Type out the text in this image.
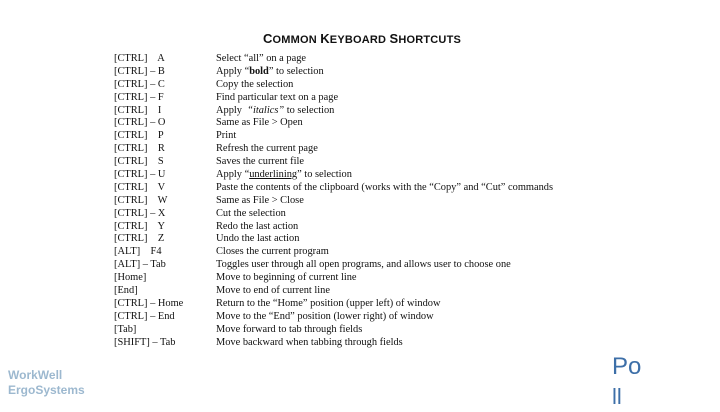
COMMON KEYBOARD SHORTCUTS
[CTRL]    A	Select “all” on a page
[CTRL] – B	Apply “bold” to selection
[CTRL] – C	Copy the selection
[CTRL] – F	Find particular text on a page
[CTRL]    I	Apply  “italics” to selection
[CTRL] – O	Same as File > Open
[CTRL]    P	Print
[CTRL]    R	Refresh the current page
[CTRL]    S	Saves the current file
[CTRL] – U	Apply “underlining” to selection
[CTRL]    V	Paste the contents of the clipboard (works with the “Copy” and “Cut” commands
[CTRL]    W	Same as File > Close
[CTRL] – X	Cut the selection
[CTRL]    Y	Redo the last action
[CTRL]    Z	Undo the last action
[ALT]    F4	Closes the current program
[ALT] – Tab	Toggles user through all open programs, and allows user to choose one
[Home]	Move to beginning of current line
[End]	Move to end of current line
[CTRL] – Home	Return to the “Home” position (upper left) of window
[CTRL] – End	Move to the “End” position (lower right) of window
[Tab]	Move forward to tab through fields
[SHIFT] – Tab	Move backward when tabbing through fields
WorkWell
ErgoSystems
Po
ll
